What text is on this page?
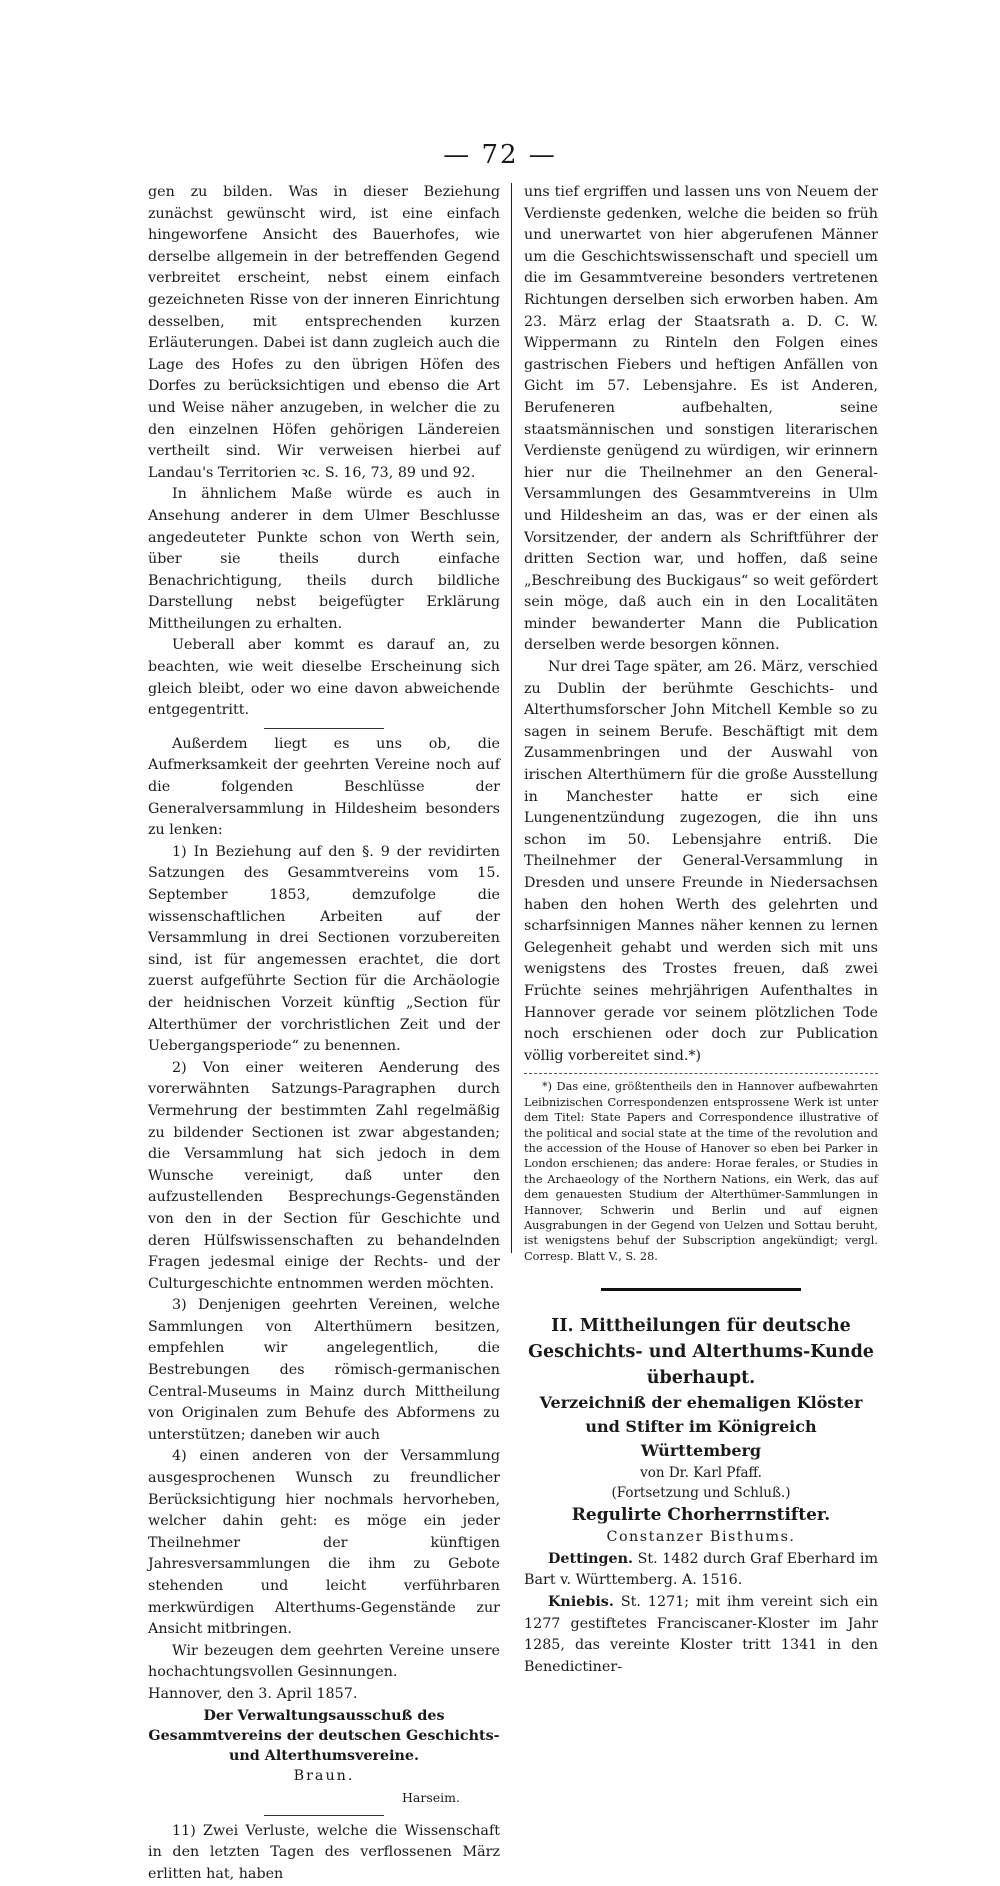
— 72 —

gen zu bilden. Was in dieser Beziehung zunächst gewünscht wird, ist eine einfach hingeworfene Ansicht des Bauerhofes, wie derselbe allgemein in der betreffenden Gegend verbreitet erscheint, nebst einem einfach gezeichneten Risse von der inneren Einrichtung desselben, mit entsprechenden kurzen Erläuterungen. Dabei ist dann zugleich auch die Lage des Hofes zu den übrigen Höfen des Dorfes zu berücksichtigen und ebenso die Art und Weise näher anzugeben, in welcher die zu den einzelnen Höfen gehörigen Ländereien vertheilt sind. Wir verweisen hierbei auf Landau's Territorien ꝛc. S. 16, 73, 89 und 92.

In ähnlichem Maße würde es auch in Ansehung anderer in dem Ulmer Beschlusse angedeuteter Punkte schon von Werth sein, über sie theils durch einfache Benachrichtigung, theils durch bildliche Darstellung nebst beigefügter Erklärung Mittheilungen zu erhalten.

Ueberall aber kommt es darauf an, zu beachten, wie weit dieselbe Erscheinung sich gleich bleibt, oder wo eine davon abweichende entgegentritt.

Außerdem liegt es uns ob, die Aufmerksamkeit der geehrten Vereine noch auf die folgenden Beschlüsse der Generalversammlung in Hildesheim besonders zu lenken:

1) In Beziehung auf den §. 9 der revidirten Satzungen des Gesammtvereins vom 15. September 1853, demzufolge die wissenschaftlichen Arbeiten auf der Versammlung in drei Sectionen vorzubereiten sind, ist für angemessen erachtet, die dort zuerst aufgeführte Section für die Archäologie der heidnischen Vorzeit künftig „Section für Alterthümer der vorchristlichen Zeit und der Uebergangsperiode“ zu benennen.

2) Von einer weiteren Aenderung des vorerwähnten Satzungs-Paragraphen durch Vermehrung der bestimmten Zahl regelmäßig zu bildender Sectionen ist zwar abgestanden; die Versammlung hat sich jedoch in dem Wunsche vereinigt, daß unter den aufzustellenden Besprechungs-Gegenständen von den in der Section für Geschichte und deren Hülfswissenschaften zu behandelnden Fragen jedesmal einige der Rechts- und der Culturgeschichte entnommen werden möchten.

3) Denjenigen geehrten Vereinen, welche Sammlungen von Alterthümern besitzen, empfehlen wir angelegentlich, die Bestrebungen des römisch-germanischen Central-Museums in Mainz durch Mittheilung von Originalen zum Behufe des Abformens zu unterstützen; daneben wir auch

4) einen anderen von der Versammlung ausgesprochenen Wunsch zu freundlicher Berücksichtigung hier nochmals hervorheben, welcher dahin geht: es möge ein jeder Theilnehmer der künftigen Jahresversammlungen die ihm zu Gebote stehenden und leicht verführbaren merkwürdigen Alterthums-Gegenstände zur Ansicht mitbringen.

Wir bezeugen dem geehrten Vereine unsere hochachtungsvollen Gesinnungen.

Hannover, den 3. April 1857.

Der Verwaltungsausschuß des Gesammtvereins der deutschen Geschichts- und Alterthumsvereine.

Braun.

Harseim.

11) Zwei Verluste, welche die Wissenschaft in den letzten Tagen des verflossenen März erlitten hat, haben

uns tief ergriffen und lassen uns von Neuem der Verdienste gedenken, welche die beiden so früh und unerwartet von hier abgerufenen Männer um die Geschichtswissenschaft und speciell um die im Gesammtvereine besonders vertretenen Richtungen derselben sich erworben haben. Am 23. März erlag der Staatsrath a. D. C. W. Wippermann zu Rinteln den Folgen eines gastrischen Fiebers und heftigen Anfällen von Gicht im 57. Lebensjahre. Es ist Anderen, Berufeneren aufbehalten, seine staatsmännischen und sonstigen literarischen Verdienste genügend zu würdigen, wir erinnern hier nur die Theilnehmer an den General-Versammlungen des Gesammtvereins in Ulm und Hildesheim an das, was er der einen als Vorsitzender, der andern als Schriftführer der dritten Section war, und hoffen, daß seine „Beschreibung des Buckigaus“ so weit gefördert sein möge, daß auch ein in den Localitäten minder bewanderter Mann die Publication derselben werde besorgen können.

Nur drei Tage später, am 26. März, verschied zu Dublin der berühmte Geschichts- und Alterthumsforscher John Mitchell Kemble so zu sagen in seinem Berufe. Beschäftigt mit dem Zusammenbringen und der Auswahl von irischen Alterthümern für die große Ausstellung in Manchester hatte er sich eine Lungenentzündung zugezogen, die ihn uns schon im 50. Lebensjahre entriß. Die Theilnehmer der General-Versammlung in Dresden und unsere Freunde in Niedersachsen haben den hohen Werth des gelehrten und scharfsinnigen Mannes näher kennen zu lernen Gelegenheit gehabt und werden sich mit uns wenigstens des Trostes freuen, daß zwei Früchte seines mehrjährigen Aufenthaltes in Hannover gerade vor seinem plötzlichen Tode noch erschienen oder doch zur Publication völlig vorbereitet sind.*)

*) Das eine, größtentheils den in Hannover aufbewahrten Leibnizischen Correspondenzen entsprossene Werk ist unter dem Titel: State Papers and Correspondence illustrative of the political and social state at the time of the revolution and the accession of the House of Hanover so eben bei Parker in London erschienen; das andere: Horae ferales, or Studies in the Archaeology of the Northern Nations, ein Werk, das auf dem genauesten Studium der Alterthümer-Sammlungen in Hannover, Schwerin und Berlin und auf eignen Ausgrabungen in der Gegend von Uelzen und Sottau beruht, ist wenigstens behuf der Subscription angekündigt; vergl. Corresp. Blatt V., S. 28.

II. Mittheilungen für deutsche Geschichts- und Alterthums-Kunde überhaupt.

Verzeichniß der ehemaligen Klöster und Stifter im Königreich Württemberg

von Dr. Karl Pfaff.

(Fortsetzung und Schluß.)

Regulirte Chorherrnstifter.

Constanzer Bisthums.

Dettingen. St. 1482 durch Graf Eberhard im Bart v. Württemberg. A. 1516.

Kniebis. St. 1271; mit ihm vereint sich ein 1277 gestiftetes Franciscaner-Kloster im Jahr 1285, das vereinte Kloster tritt 1341 in den Benedictiner-
